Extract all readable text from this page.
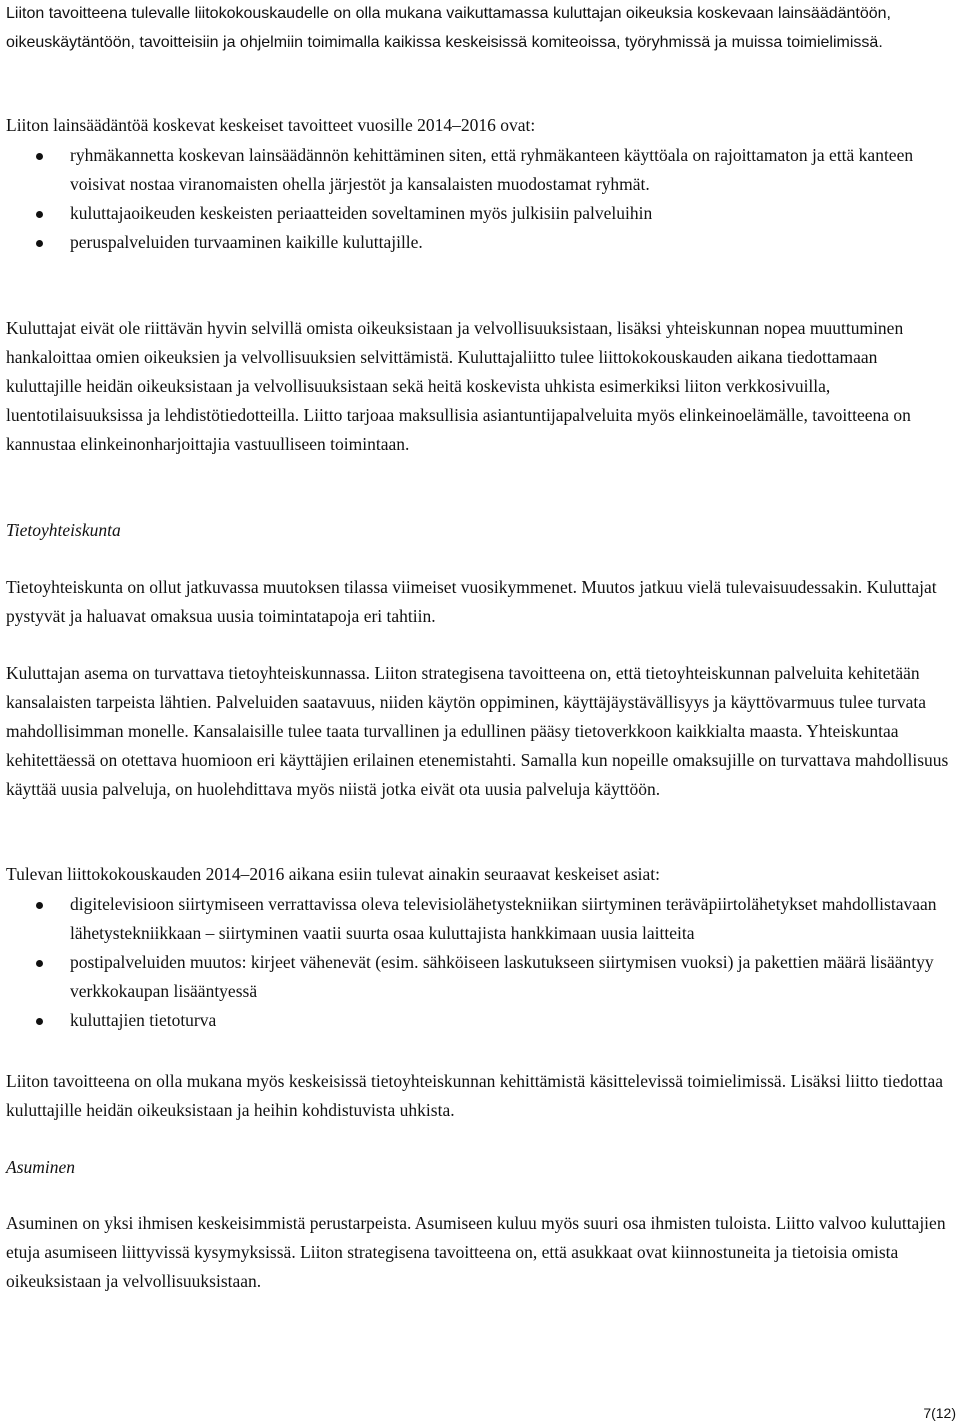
Liiton tavoitteena tulevalle liitokokouskaudelle on olla mukana vaikuttamassa kuluttajan oikeuksia koskevaan lainsäädäntöön, oikeuskäytäntöön, tavoitteisiin ja ohjelmiin toimimalla kaikissa keskeisissä komiteoissa, työryhmissä ja muissa toimielimissä.

Liiton lainsäädäntöä koskevat keskeiset tavoitteet vuosille 2014–2016 ovat:

ryhmäkannetta koskevan lainsäädännön kehittäminen siten, että ryhmäkanteen käyttöala on rajoittamaton ja että kanteen voisivat nostaa viranomaisten ohella järjestöt ja kansalaisten muodostamat ryhmät.
kuluttajaoikeuden keskeisten periaatteiden soveltaminen myös julkisiin palveluihin
peruspalveluiden turvaaminen kaikille kuluttajille.

Kuluttajat eivät ole riittävän hyvin selvillä omista oikeuksistaan ja velvollisuuksistaan, lisäksi yhteiskunnan nopea muuttuminen hankaloittaa omien oikeuksien ja velvollisuuksien selvittämistä. Kuluttajaliitto tulee liittokokouskauden aikana tiedottamaan kuluttajille heidän oikeuksistaan ja velvollisuuksistaan sekä heitä koskevista uhkista esimerkiksi liiton verkkosivuilla, luentotilaisuuksissa ja lehdistötiedotteilla. Liitto tarjoaa maksullisia asiantuntijapalveluita myös elinkeinoelämälle, tavoitteena on kannustaa elinkeinonharjoittajia vastuulliseen toimintaan.

Tietoyhteiskunta

Tietoyhteiskunta on ollut jatkuvassa muutoksen tilassa viimeiset vuosikymmenet. Muutos jatkuu vielä tulevaisuudessakin. Kuluttajat pystyvät ja haluavat omaksua uusia toimintatapoja eri tahtiin.

Kuluttajan asema on turvattava tietoyhteiskunnassa. Liiton strategisena tavoitteena on, että tietoyhteiskunnan palveluita kehitetään kansalaisten tarpeista lähtien. Palveluiden saatavuus, niiden käytön oppiminen, käyttäjäystävällisyys ja käyttövarmuus tulee turvata mahdollisimman monelle. Kansalaisille tulee taata turvallinen ja edullinen pääsy tietoverkkoon kaikkialta maasta. Yhteiskuntaa kehitettäessä on otettava huomioon eri käyttäjien erilainen etenemistahti. Samalla kun nopeille omaksujille on turvattava mahdollisuus käyttää uusia palveluja, on huolehdittava myös niistä jotka eivät ota uusia palveluja käyttöön.

Tulevan liittokokouskauden 2014–2016 aikana esiin tulevat ainakin seuraavat keskeiset asiat:

digitelevisioon siirtymiseen verrattavissa oleva televisiolähetystekniikan siirtyminen teräväpiirtolähetykset mahdollistavaan lähetystekniikkaan – siirtyminen vaatii suurta osaa kuluttajista hankkimaan uusia laitteita
postipalveluiden muutos: kirjeet vähenevät (esim. sähköiseen laskutukseen siirtymisen vuoksi) ja pakettien määrä lisääntyy verkkokaupan lisääntyessä
kuluttajien tietoturva

Liiton tavoitteena on olla mukana myös keskeisissä tietoyhteiskunnan kehittämistä käsittelevissä toimielimissä. Lisäksi liitto tiedottaa kuluttajille heidän oikeuksistaan ja heihin kohdistuvista uhkista.

Asuminen

Asuminen on yksi ihmisen keskeisimmistä perustarpeista. Asumiseen kuluu myös suuri osa ihmisten tuloista. Liitto valvoo kuluttajien etuja asumiseen liittyvissä kysymyksissä. Liiton strategisena tavoitteena on, että asukkaat ovat kiinnostuneita ja tietoisia omista oikeuksistaan ja velvollisuuksistaan.

7(12)
